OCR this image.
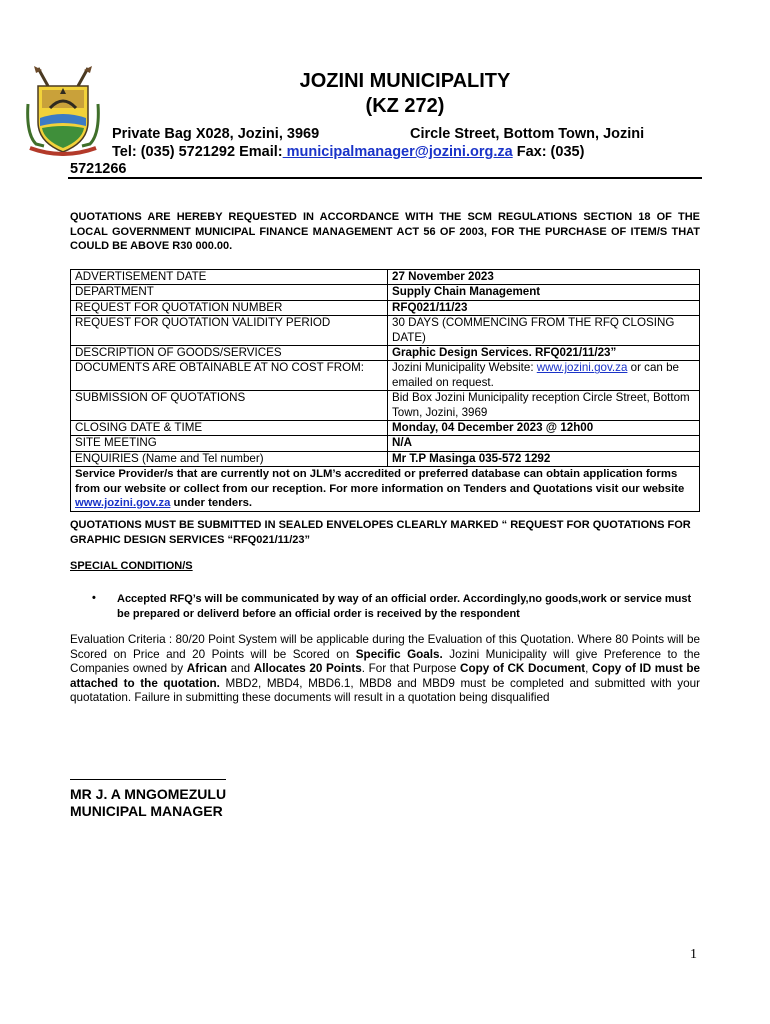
JOZINI MUNICIPALITY
(KZ 272)
Private Bag X028, Jozini, 3969	Circle Street, Bottom Town, Jozini
Tel: (035) 5721292 Email: municipalmanager@jozini.org.za Fax: (035)
5721266
QUOTATIONS ARE HEREBY REQUESTED IN ACCORDANCE WITH THE SCM REGULATIONS SECTION 18 OF THE LOCAL GOVERNMENT MUNICIPAL FINANCE MANAGEMENT ACT 56 OF 2003, FOR THE PURCHASE OF ITEM/S THAT COULD BE ABOVE R30 000.00.
ADVERTISEMENT DATE	27 November 2023
DEPARTMENT	Supply Chain Management
REQUEST FOR QUOTATION NUMBER	RFQ021/11/23
REQUEST FOR QUOTATION VALIDITY PERIOD	30 DAYS (COMMENCING FROM THE RFQ CLOSING DATE)
DESCRIPTION OF GOODS/SERVICES	Graphic Design Services. RFQ021/11/23”
DOCUMENTS ARE OBTAINABLE AT NO COST FROM:	Jozini Municipality Website: www.jozini.gov.za or can be emailed on request.
SUBMISSION OF QUOTATIONS	Bid Box Jozini Municipality reception Circle Street, Bottom Town, Jozini, 3969
CLOSING DATE & TIME	Monday, 04 December 2023 @ 12h00
SITE MEETING	N/A
ENQUIRIES (Name and Tel number)	Mr T.P Masinga 035-572 1292
Service Provider/s that are currently not on JLM’s accredited or preferred database can obtain application forms from our website or collect from our reception. For more information on Tenders and Quotations visit our website www.jozini.gov.za under tenders.	
QUOTATIONS MUST BE SUBMITTED IN SEALED ENVELOPES CLEARLY MARKED “ REQUEST FOR QUOTATIONS FOR GRAPHIC DESIGN SERVICES “RFQ021/11/23”
SPECIAL CONDITION/S
• Accepted RFQ’s will be communicated by way of an official order. Accordingly,no goods,work or service must be prepared or deliverd before an official order is received by the respondent
Evaluation Criteria : 80/20 Point System will be applicable during the Evaluation of this Quotation. Where 80 Points will be Scored on Price and 20 Points will be Scored on Specific Goals. Jozini Municipality will give Preference to the Companies owned by African and Allocates 20 Points. For that Purpose Copy of CK Document, Copy of ID must be attached to the quotation. MBD2, MBD4, MBD6.1, MBD8 and MBD9 must be completed and submitted with your quotatation. Failure in submitting these documents will result in a quotation being disqualified
MR J. A MNGOMEZULU
MUNICIPAL MANAGER
1
